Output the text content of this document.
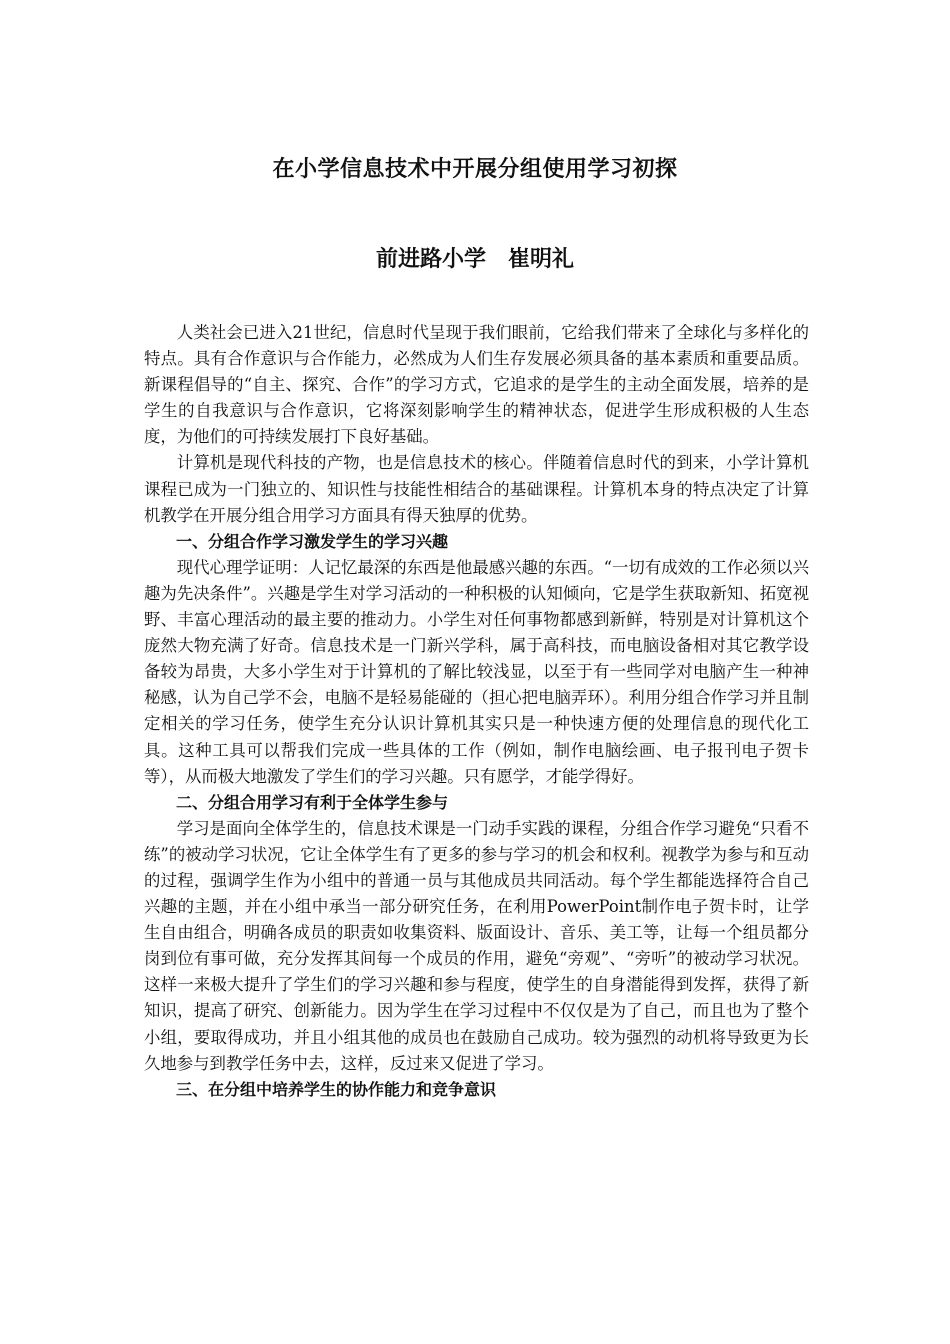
在小学信息技术中开展分组使用学习初探
前进路小学 崔明礼

人类社会已进入21世纪，信息时代呈现于我们眼前，它给我们带来了全球化与多样化的特点。具有合作意识与合作能力，必然成为人们生存发展必须具备的基本素质和重要品质。新课程倡导的“自主、探究、合作”的学习方式，它追求的是学生的主动全面发展，培养的是学生的自我意识与合作意识，它将深刻影响学生的精神状态，促进学生形成积极的人生态度，为他们的可持续发展打下良好基础。

计算机是现代科技的产物，也是信息技术的核心。伴随着信息时代的到来，小学计算机课程已成为一门独立的、知识性与技能性相结合的基础课程。计算机本身的特点决定了计算机教学在开展分组合用学习方面具有得天独厚的优势。

一、分组合作学习激发学生的学习兴趣

现代心理学证明：人记忆最深的东西是他最感兴趣的东西。“一切有成效的工作必须以兴趣为先决条件”。兴趣是学生对学习活动的一种积极的认知倾向，它是学生获取新知、拓宽视野、丰富心理活动的最主要的推动力。小学生对任何事物都感到新鲜，特别是对计算机这个庞然大物充满了好奇。信息技术是一门新兴学科，属于高科技，而电脑设备相对其它教学设备较为昂贵，大多小学生对于计算机的了解比较浅显，以至于有一些同学对电脑产生一种神秘感，认为自己学不会，电脑不是轻易能碰的（担心把电脑弄环）。利用分组合作学习并且制定相关的学习任务，使学生充分认识计算机其实只是一种快速方便的处理信息的现代化工具。这种工具可以帮我们完成一些具体的工作（例如，制作电脑绘画、电子报刊电子贺卡等），从而极大地激发了学生们的学习兴趣。只有愿学，才能学得好。

二、分组合用学习有利于全体学生参与

学习是面向全体学生的，信息技术课是一门动手实践的课程，分组合作学习避免“只看不练”的被动学习状况，它让全体学生有了更多的参与学习的机会和权利。视教学为参与和互动的过程，强调学生作为小组中的普通一员与其他成员共同活动。每个学生都能选择符合自己兴趣的主题，并在小组中承当一部分研究任务，在利用PowerPoint制作电子贺卡时，让学生自由组合，明确各成员的职责如收集资料、版面设计、音乐、美工等，让每一个组员都分岗到位有事可做，充分发挥其间每一个成员的作用，避免“旁观”、“旁听”的被动学习状况。这样一来极大提升了学生们的学习兴趣和参与程度，使学生的自身潜能得到发挥，获得了新知识，提高了研究、创新能力。因为学生在学习过程中不仅仅是为了自己，而且也为了整个小组，要取得成功，并且小组其他的成员也在鼓励自己成功。较为强烈的动机将导致更为长久地参与到教学任务中去，这样，反过来又促进了学习。

三、在分组中培养学生的协作能力和竞争意识
